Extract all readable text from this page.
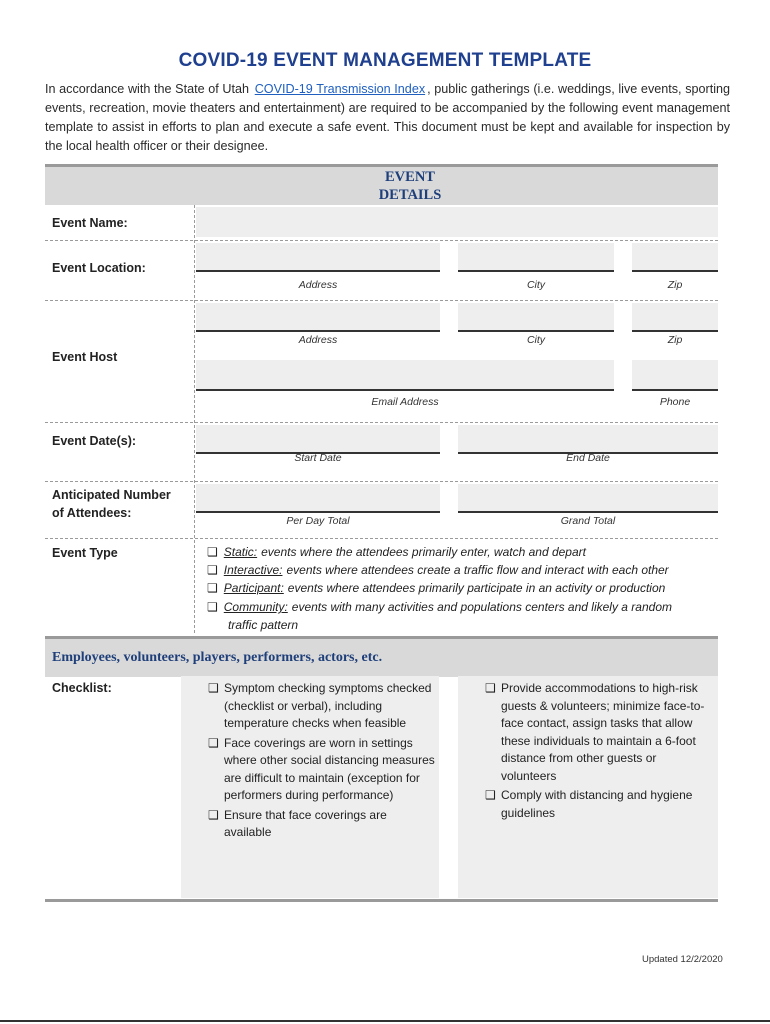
COVID-19 EVENT MANAGEMENT TEMPLATE
In accordance with the State of Utah COVID-19 Transmission Index , public gatherings (i.e. weddings, live events, sporting events, recreation, movie theaters and entertainment) are required to be accompanied by the following event management template to assist in efforts to plan and execute a safe event. This document must be kept and available for inspection by the local health officer or their designee.
EVENT
DETAILS
Event Name:
Event Location:
Address	City	Zip
Event Host
Address	City	Zip
Email Address	Phone
Event Date(s):
Start Date	End Date
Anticipated Number
of Attendees:
Per Day Total	Grand Total
Event Type	❑ Static: events where the attendees primarily enter, watch and depart
❑ Interactive: events where attendees create a traffic flow and interact with each other
❑ Participant: events where attendees primarily participate in an activity or production
❑ Community: events with many activities and populations centers and likely a random
traffic pattern
Employees, volunteers, players, performers, actors, etc.
Checklist:	❑ Symptom checking symptoms checked (checklist or verbal), including temperature checks when feasible
❑ Face coverings are worn in settings where other social distancing measures are difficult to maintain (exception for performers during performance)
❑ Ensure that face coverings are available
❑ Provide accommodations to high-risk guests & volunteers; minimize face-to-face contact, assign tasks that allow these individuals to maintain a 6-foot distance from other guests or volunteers
❑ Comply with distancing and hygiene guidelines
Updated 12/2/2020
